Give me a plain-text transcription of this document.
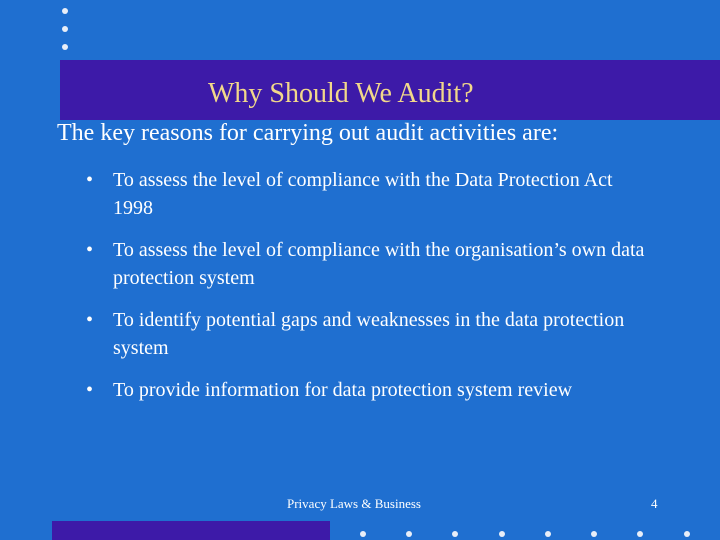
Why Should We Audit?

The key reasons for carrying out audit activities are:

• To assess the level of compliance with the Data Protection Act 1998
• To assess the level of compliance with the organisation’s own data protection system
• To identify potential gaps and weaknesses in the data protection system
• To provide information for data protection system review
Privacy Laws & Business	4
